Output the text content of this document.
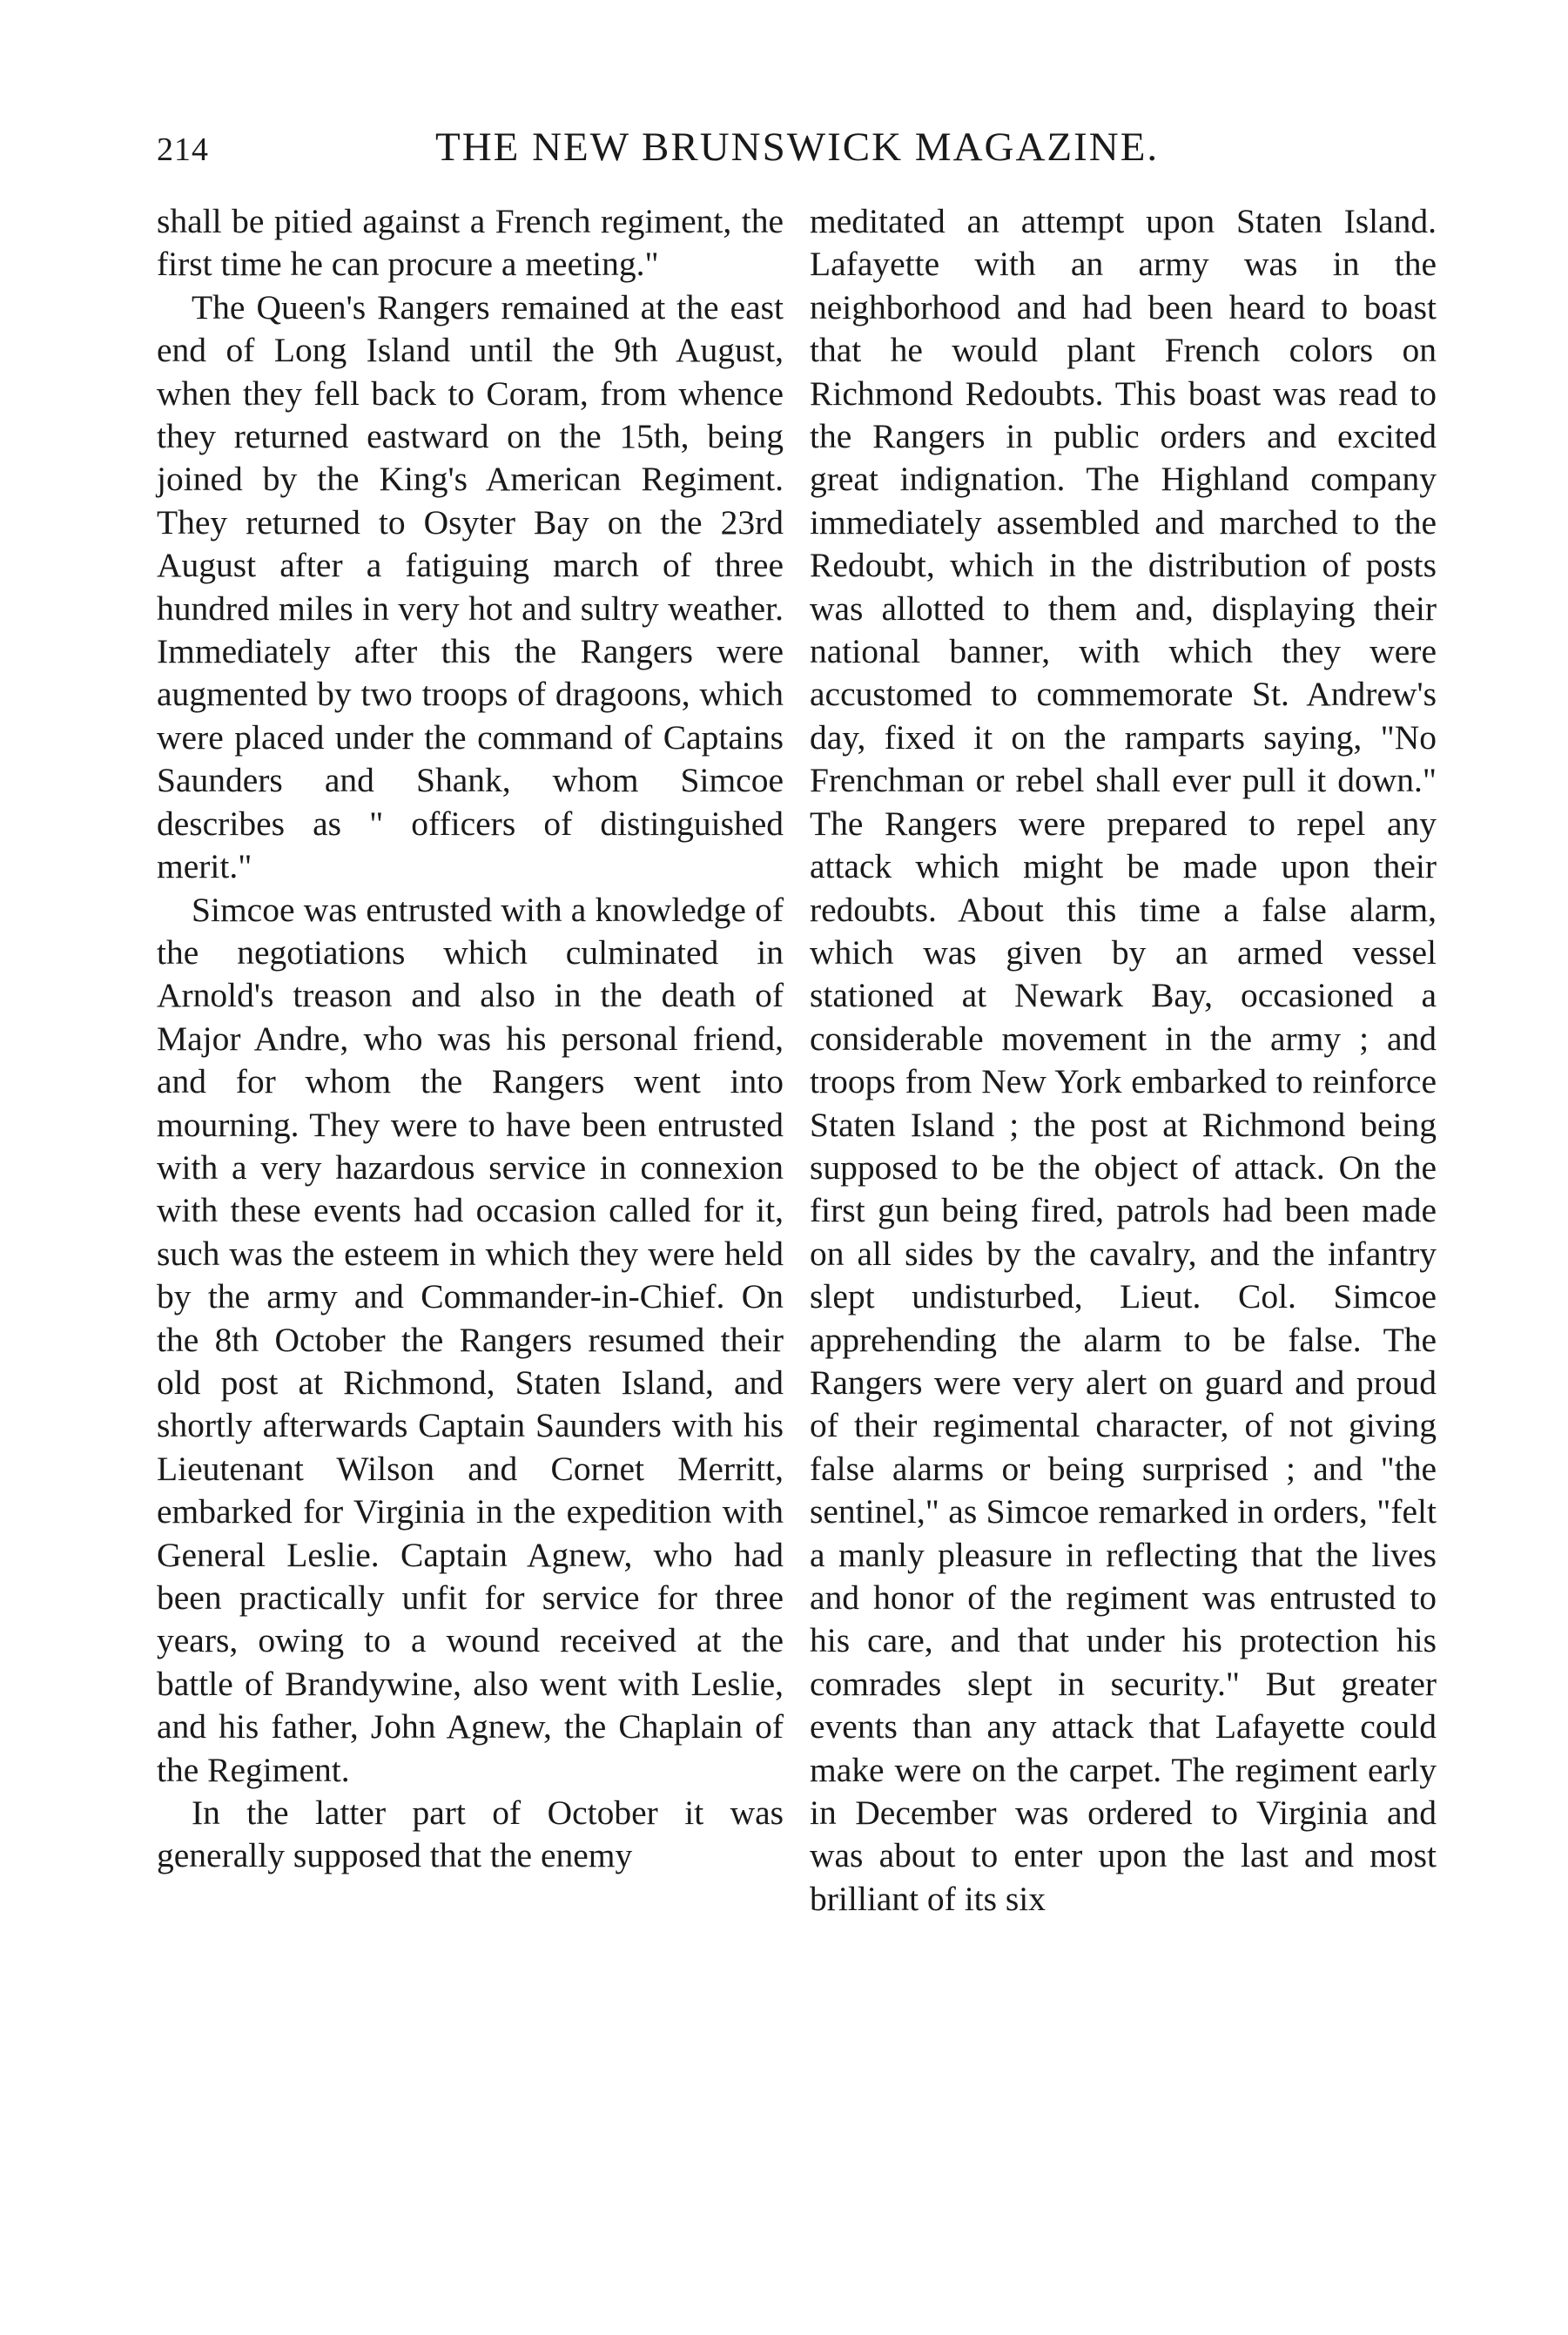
214	THE NEW BRUNSWICK MAGAZINE.

shall be pitied against a French regiment, the first time he can procure a meeting."

The Queen's Rangers remained at the east end of Long Island until the 9th August, when they fell back to Coram, from whence they returned eastward on the 15th, being joined by the King's American Regiment. They returned to Osyter Bay on the 23rd August after a fatiguing march of three hundred miles in very hot and sultry weather. Immediately after this the Rangers were augmented by two troops of dragoons, which were placed under the command of Captains Saunders and Shank, whom Simcoe describes as " officers of distinguished merit."

Simcoe was entrusted with a knowledge of the negotiations which culminated in Arnold's treason and also in the death of Major Andre, who was his personal friend, and for whom the Rangers went into mourning. They were to have been entrusted with a very hazardous service in connexion with these events had occasion called for it, such was the esteem in which they were held by the army and Commander-in-Chief. On the 8th October the Rangers resumed their old post at Richmond, Staten Island, and shortly afterwards Captain Saunders with his Lieutenant Wilson and Cornet Merritt, embarked for Virginia in the expedition with General Leslie. Captain Agnew, who had been practically unfit for service for three years, owing to a wound received at the battle of Brandywine, also went with Leslie, and his father, John Agnew, the Chaplain of the Regiment.

In the latter part of October it was generally supposed that the enemy

meditated an attempt upon Staten Island. Lafayette with an army was in the neighborhood and had been heard to boast that he would plant French colors on Richmond Redoubts. This boast was read to the Rangers in public orders and excited great indignation. The Highland company immediately assembled and marched to the Redoubt, which in the distribution of posts was allotted to them and, displaying their national banner, with which they were accustomed to commemorate St. Andrew's day, fixed it on the ramparts saying, "No Frenchman or rebel shall ever pull it down." The Rangers were prepared to repel any attack which might be made upon their redoubts. About this time a false alarm, which was given by an armed vessel stationed at Newark Bay, occasioned a considerable movement in the army ; and troops from New York embarked to reinforce Staten Island ; the post at Richmond being supposed to be the object of attack. On the first gun being fired, patrols had been made on all sides by the cavalry, and the infantry slept undisturbed, Lieut. Col. Simcoe apprehending the alarm to be false. The Rangers were very alert on guard and proud of their regimental character, of not giving false alarms or being surprised ; and "the sentinel," as Simcoe remarked in orders, "felt a manly pleasure in reflecting that the lives and honor of the regiment was entrusted to his care, and that under his protection his comrades slept in security." But greater events than any attack that Lafayette could make were on the carpet. The regiment early in December was ordered to Virginia and was about to enter upon the last and most brilliant of its six
